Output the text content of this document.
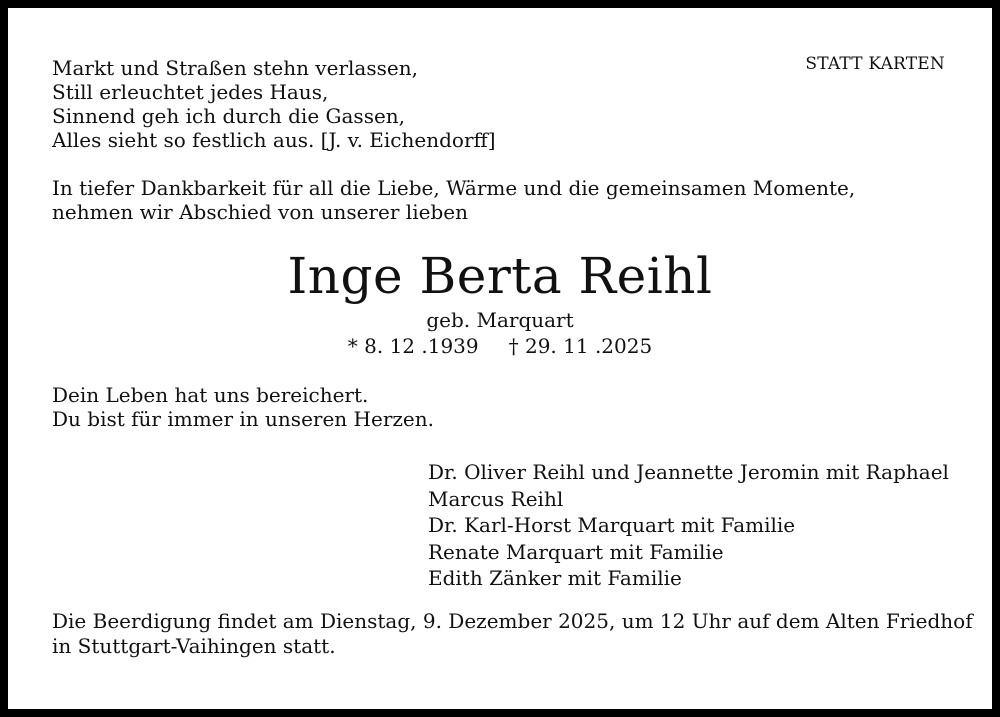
STATT KARTEN
Markt und Straßen stehn verlassen,
Still erleuchtet jedes Haus,
Sinnend geh ich durch die Gassen,
Alles sieht so festlich aus. [J. v. Eichendorff]
In tiefer Dankbarkeit für all die Liebe, Wärme und die gemeinsamen Momente,
nehmen wir Abschied von unserer lieben
Inge Berta Reihl
geb. Marquart
* 8. 12 .1939 † 29. 11 .2025
Dein Leben hat uns bereichert.
Du bist für immer in unseren Herzen.
Dr. Oliver Reihl und Jeannette Jeromin mit Raphael
Marcus Reihl
Dr. Karl-Horst Marquart mit Familie
Renate Marquart mit Familie
Edith Zänker mit Familie
Die Beerdigung findet am Dienstag, 9. Dezember 2025, um 12 Uhr auf dem Alten Friedhof
in Stuttgart-Vaihingen statt.
